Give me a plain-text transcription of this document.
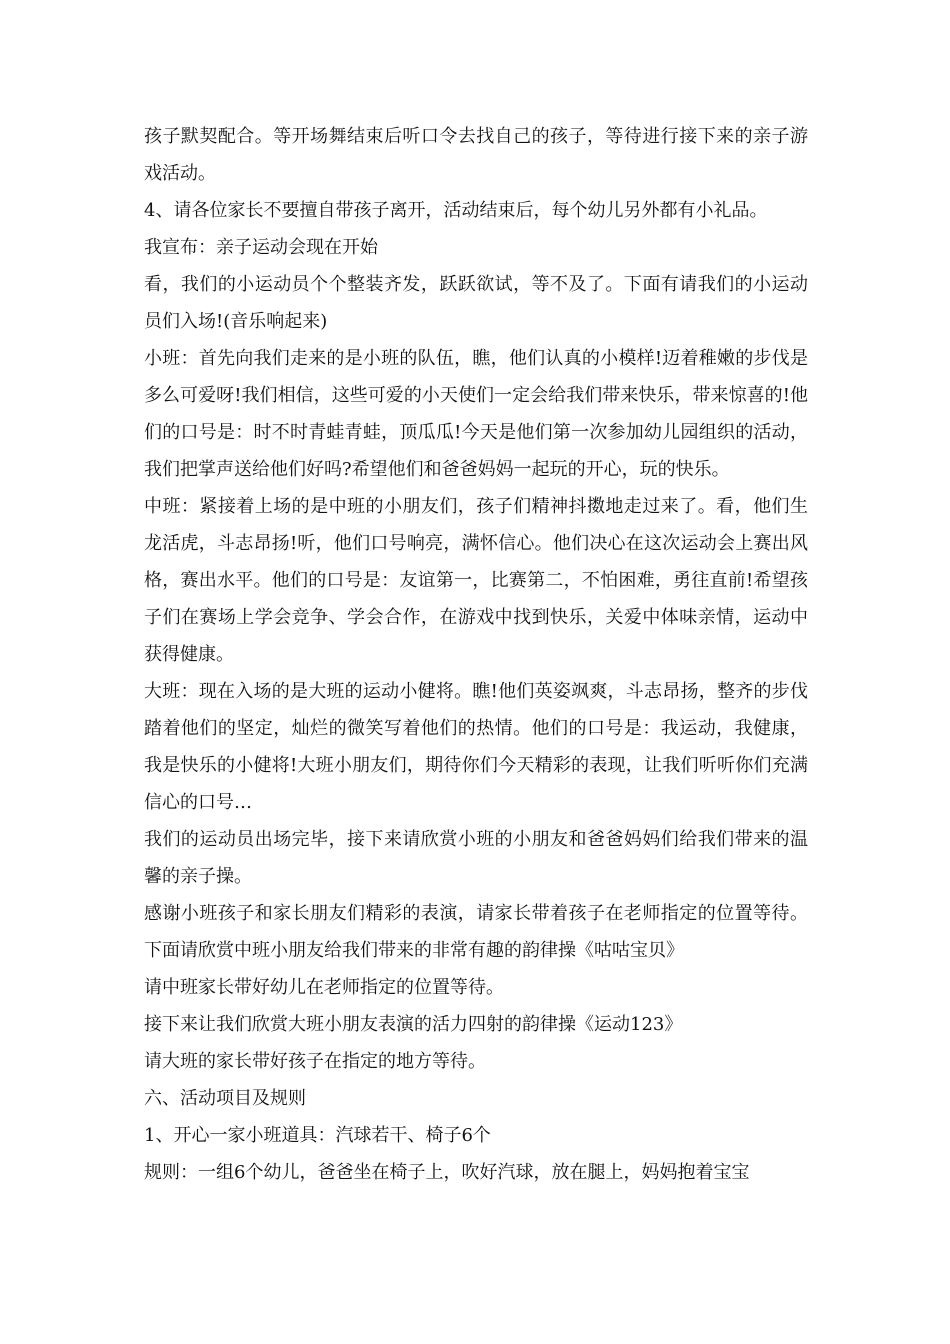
孩子默契配合。等开场舞结束后听口令去找自己的孩子，等待进行接下来的亲子游戏活动。

4、请各位家长不要擅自带孩子离开，活动结束后，每个幼儿另外都有小礼品。

我宣布：亲子运动会现在开始

看，我们的小运动员个个整装齐发，跃跃欲试，等不及了。下面有请我们的小运动员们入场!(音乐响起来)

小班：首先向我们走来的是小班的队伍，瞧，他们认真的小模样!迈着稚嫩的步伐是多么可爱呀!我们相信，这些可爱的小天使们一定会给我们带来快乐，带来惊喜的!他们的口号是：时不时青蛙青蛙，顶瓜瓜!今天是他们第一次参加幼儿园组织的活动，我们把掌声送给他们好吗?希望他们和爸爸妈妈一起玩的开心，玩的快乐。

中班：紧接着上场的是中班的小朋友们，孩子们精神抖擞地走过来了。看，他们生龙活虎，斗志昂扬!听，他们口号响亮，满怀信心。他们决心在这次运动会上赛出风格，赛出水平。他们的口号是：友谊第一，比赛第二，不怕困难，勇往直前!希望孩子们在赛场上学会竞争、学会合作，在游戏中找到快乐，关爱中体味亲情，运动中获得健康。

大班：现在入场的是大班的运动小健将。瞧!他们英姿飒爽，斗志昂扬，整齐的步伐踏着他们的坚定，灿烂的微笑写着他们的热情。他们的口号是：我运动，我健康，我是快乐的小健将!大班小朋友们，期待你们今天精彩的表现，让我们听听你们充满信心的口号…

我们的运动员出场完毕，接下来请欣赏小班的小朋友和爸爸妈妈们给我们带来的温馨的亲子操。

感谢小班孩子和家长朋友们精彩的表演，请家长带着孩子在老师指定的位置等待。下面请欣赏中班小朋友给我们带来的非常有趣的韵律操《咕咕宝贝》

请中班家长带好幼儿在老师指定的位置等待。

接下来让我们欣赏大班小朋友表演的活力四射的韵律操《运动123》

请大班的家长带好孩子在指定的地方等待。

六、活动项目及规则

1、开心一家小班道具：汽球若干、椅子6个

规则：一组6个幼儿，爸爸坐在椅子上，吹好汽球，放在腿上，妈妈抱着宝宝
